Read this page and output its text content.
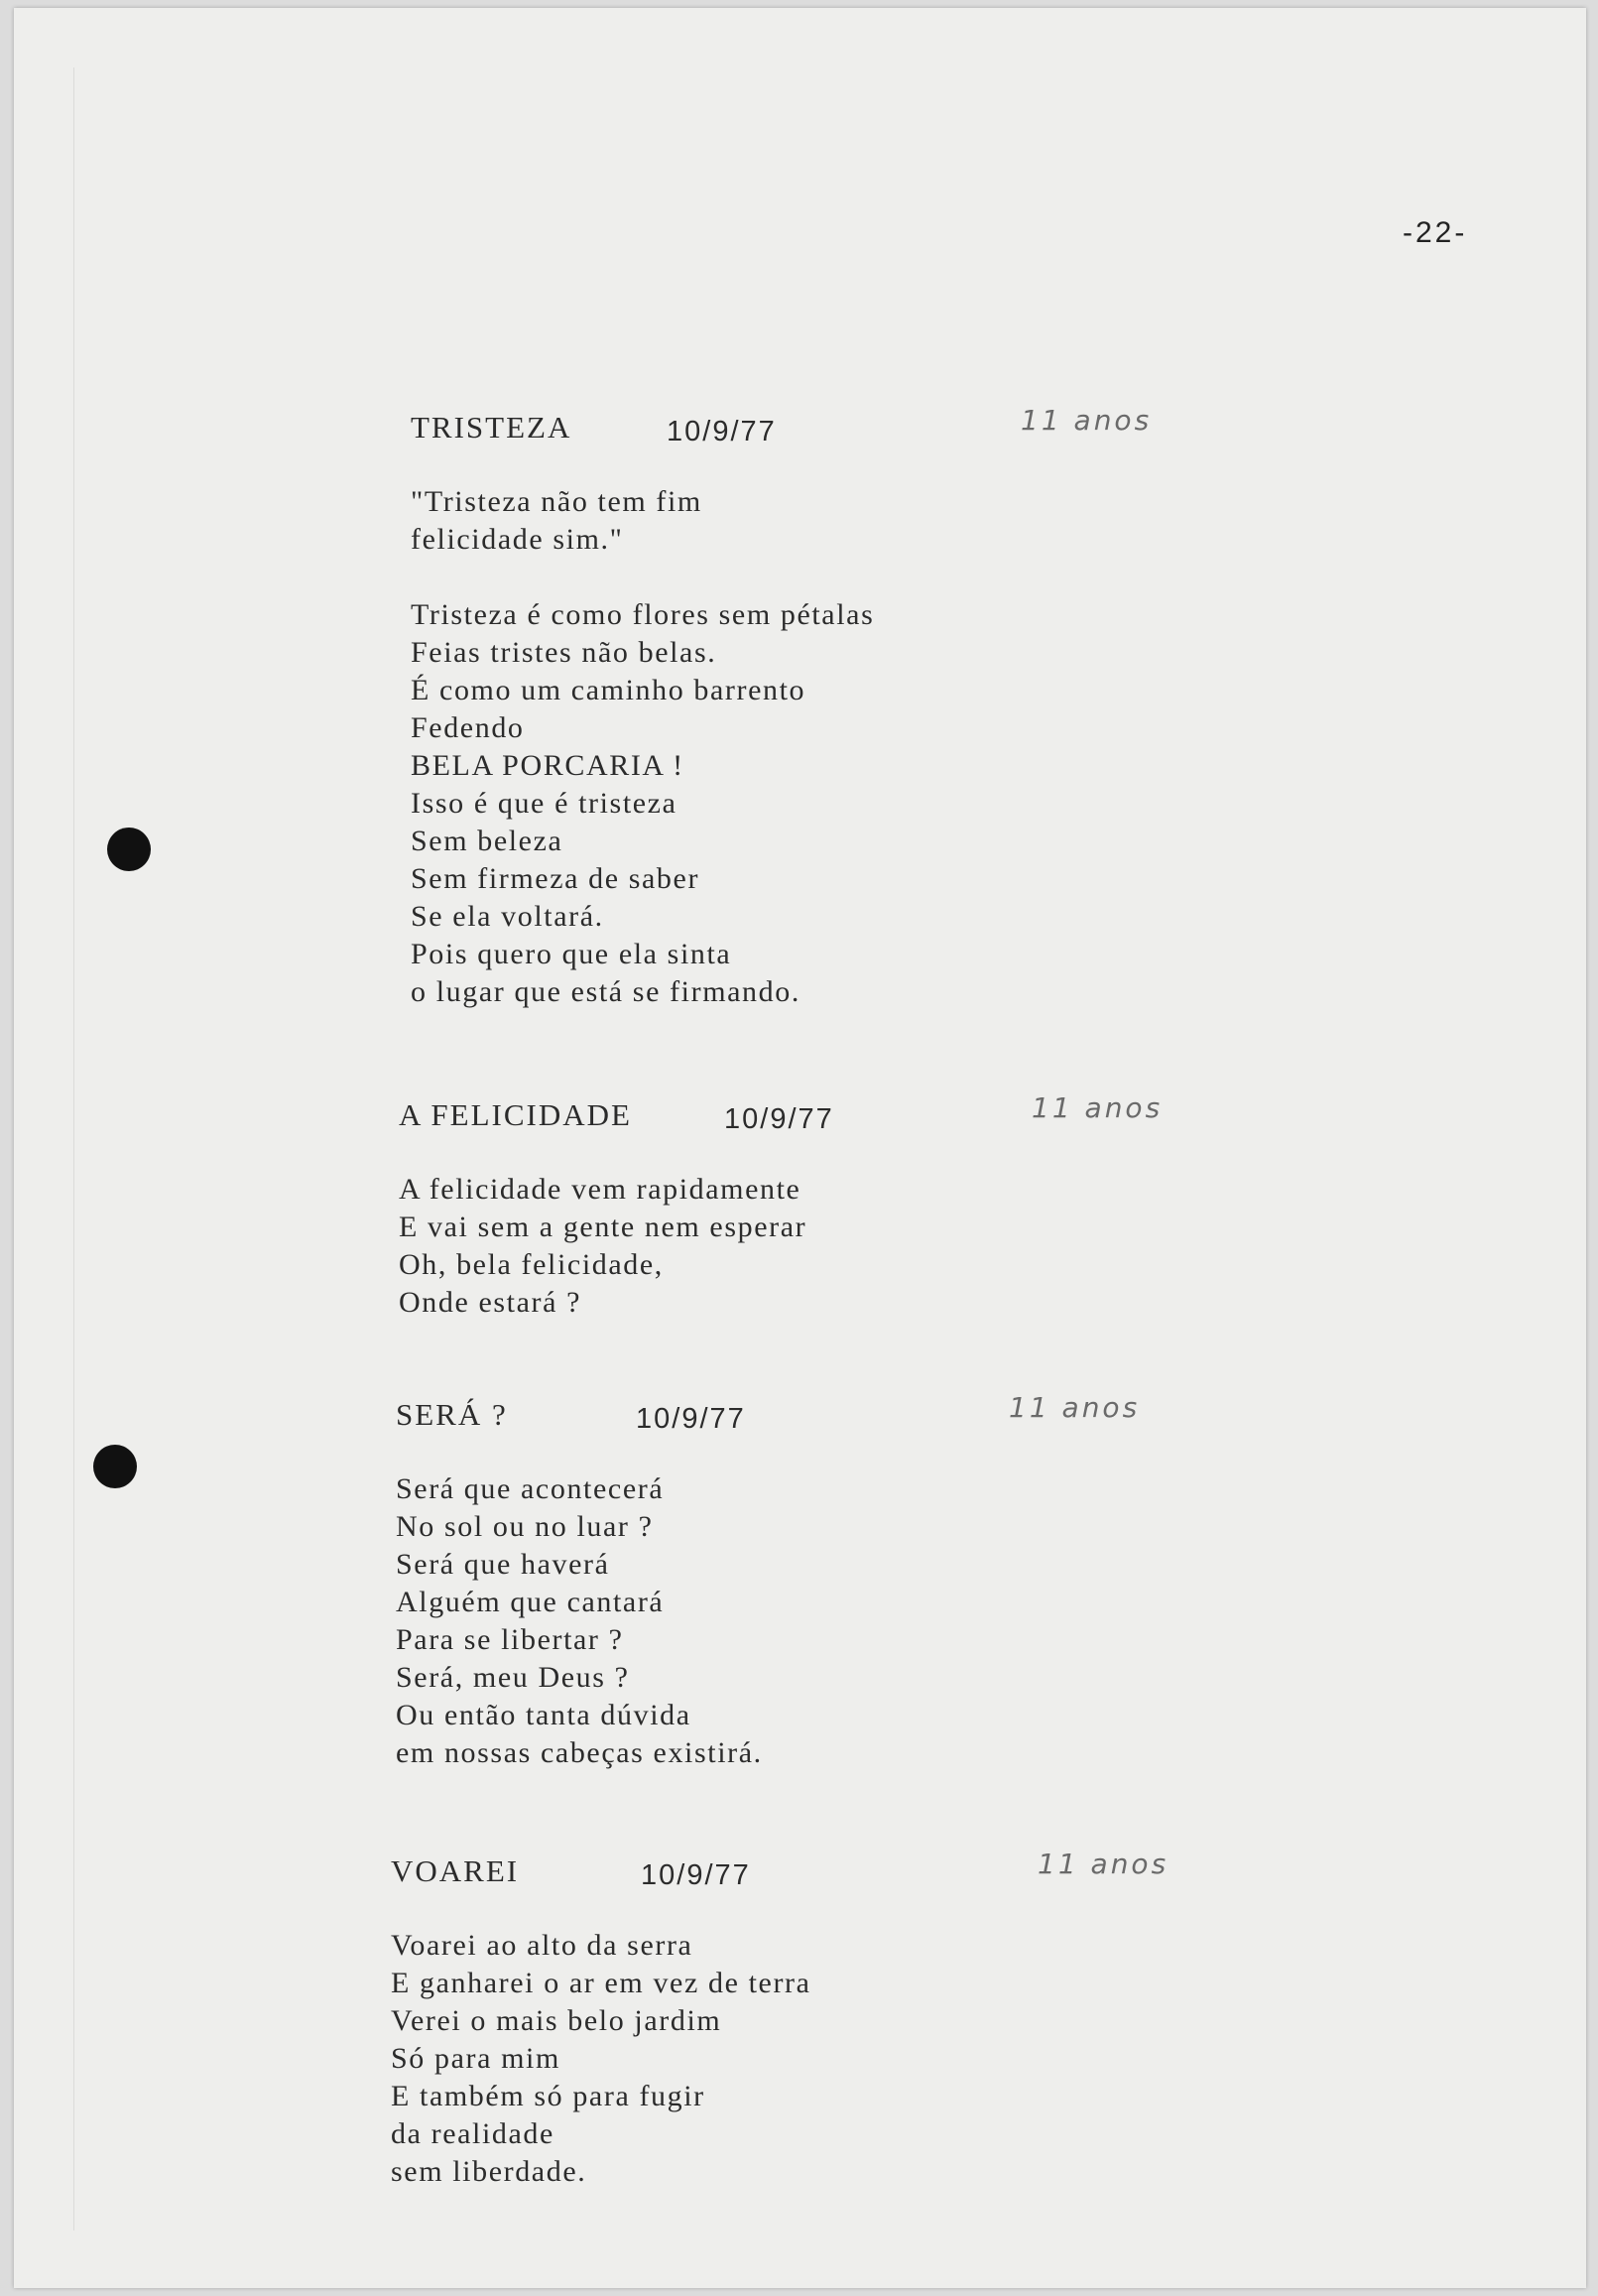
-22-
TRISTEZA	10/9/77	11 anos
"Tristeza não tem fim
felicidade sim."
Tristeza é como flores sem pétalas
Feias tristes não belas.
É como um caminho barrento
Fedendo
BELA PORCARIA !
Isso é que é tristeza
Sem beleza
Sem firmeza de saber
Se ela voltará.
Pois quero que ela sinta
o lugar que está se firmando.
A FELICIDADE	10/9/77	11 anos
A felicidade vem rapidamente
E vai sem a gente nem esperar
Oh, bela felicidade,
Onde estará ?
SERÁ ?	10/9/77	11 anos
Será que acontecerá
No sol ou no luar ?
Será que haverá
Alguém que cantará
Para se libertar ?
Será, meu Deus ?
Ou então tanta dúvida
em nossas cabeças existirá.
VOAREI	10/9/77	11 anos
Voarei ao alto da serra
E ganharei o ar em vez de terra
Verei o mais belo jardim
Só para mim
E também só para fugir
da realidade
sem liberdade.
